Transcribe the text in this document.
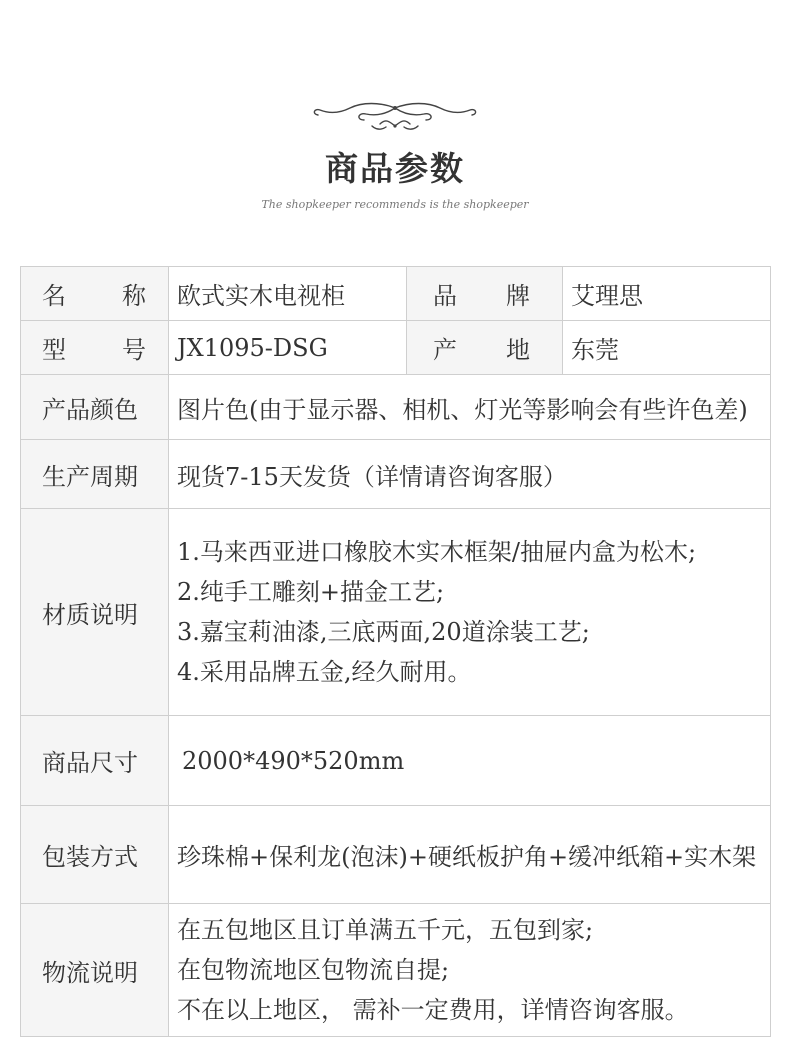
商品参数
The shopkeeper recommends is the shopkeeper
名 称	欧式实木电视柜	品 牌	艾理思

型 号	JX1095-DSG	产 地	东莞
产品颜色	图片色(由于显示器、相机、灯光等影响会有些许色差)		
生产周期	现货7-15天发货（详情请咨询客服）		
材质说明	1.马来西亚进口橡胶木实木框架/抽屉内盒为松木;
2.纯手工雕刻+描金工艺;
3.嘉宝莉油漆,三底两面,20道涂装工艺;
4.采用品牌五金,经久耐用。		

商品尺寸	2000*490*520mm		
包装方式	珍珠棉+保利龙(泡沫)+硬纸板护角+缓冲纸箱+实木架		
物流说明	在五包地区且订单满五千元，五包到家;
在包物流地区包物流自提;
不在以上地区， 需补一定费用，详情咨询客服。		
